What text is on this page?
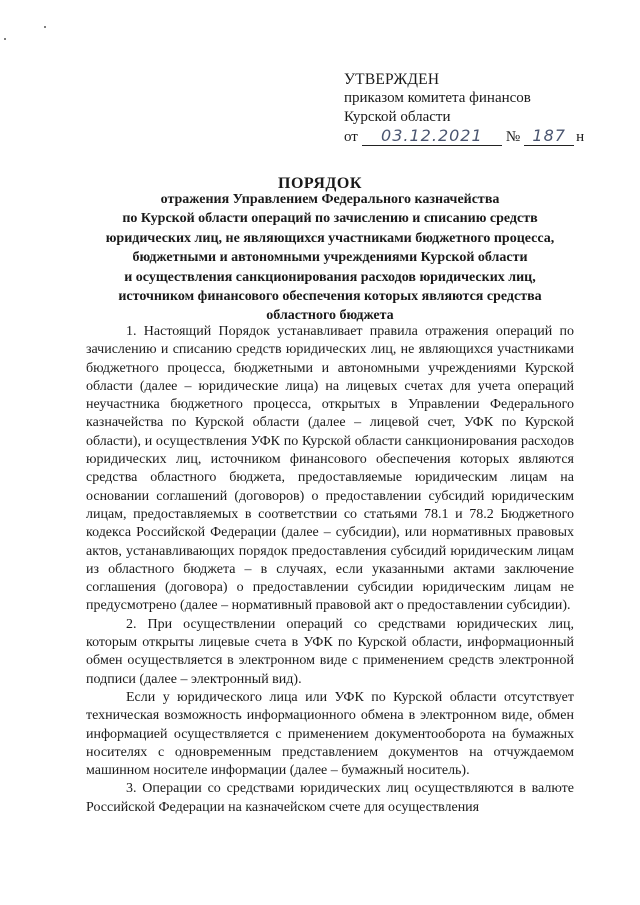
УТВЕРЖДЕН
приказом комитета финансов
Курской области
от	03.12.2021	№ 187 н
ПОРЯДОК
отражения Управлением Федерального казначейства
по Курской области операций по зачислению и списанию средств
юридических лиц, не являющихся участниками бюджетного процесса,
бюджетными и автономными учреждениями Курской области
и осуществления санкционирования расходов юридических лиц,
источником финансового обеспечения которых являются средства
областного бюджета

1. Настоящий Порядок устанавливает правила отражения операций по зачислению и списанию средств юридических лиц, не являющихся участниками бюджетного процесса, бюджетными и автономными учреждениями Курской области (далее – юридические лица) на лицевых счетах для учета операций неучастника бюджетного процесса, открытых в Управлении Федерального казначейства по Курской области (далее – лицевой счет, УФК по Курской области), и осуществления УФК по Курской области санкционирования расходов юридических лиц, источником финансового обеспечения которых являются средства областного бюджета, предоставляемые юридическим лицам на основании соглашений (договоров) о предоставлении субсидий юридическим лицам, предоставляемых в соответствии со статьями 78.1 и 78.2 Бюджетного кодекса Российской Федерации (далее – субсидии), или нормативных правовых актов, устанавливающих порядок предоставления субсидий юридическим лицам из областного бюджета – в случаях, если указанными актами заключение соглашения (договора) о предоставлении субсидии юридическим лицам не предусмотрено (далее – нормативный правовой акт о предоставлении субсидии).

2. При осуществлении операций со средствами юридических лиц, которым открыты лицевые счета в УФК по Курской области, информационный обмен осуществляется в электронном виде с применением средств электронной подписи (далее – электронный вид).

Если у юридического лица или УФК по Курской области отсутствует техническая возможность информационного обмена в электронном виде, обмен информацией осуществляется с применением документооборота на бумажных носителях с одновременным представлением документов на отчуждаемом машинном носителе информации (далее – бумажный носитель).

3. Операции со средствами юридических лиц осуществляются в валюте Российской Федерации на казначейском счете для осуществления
